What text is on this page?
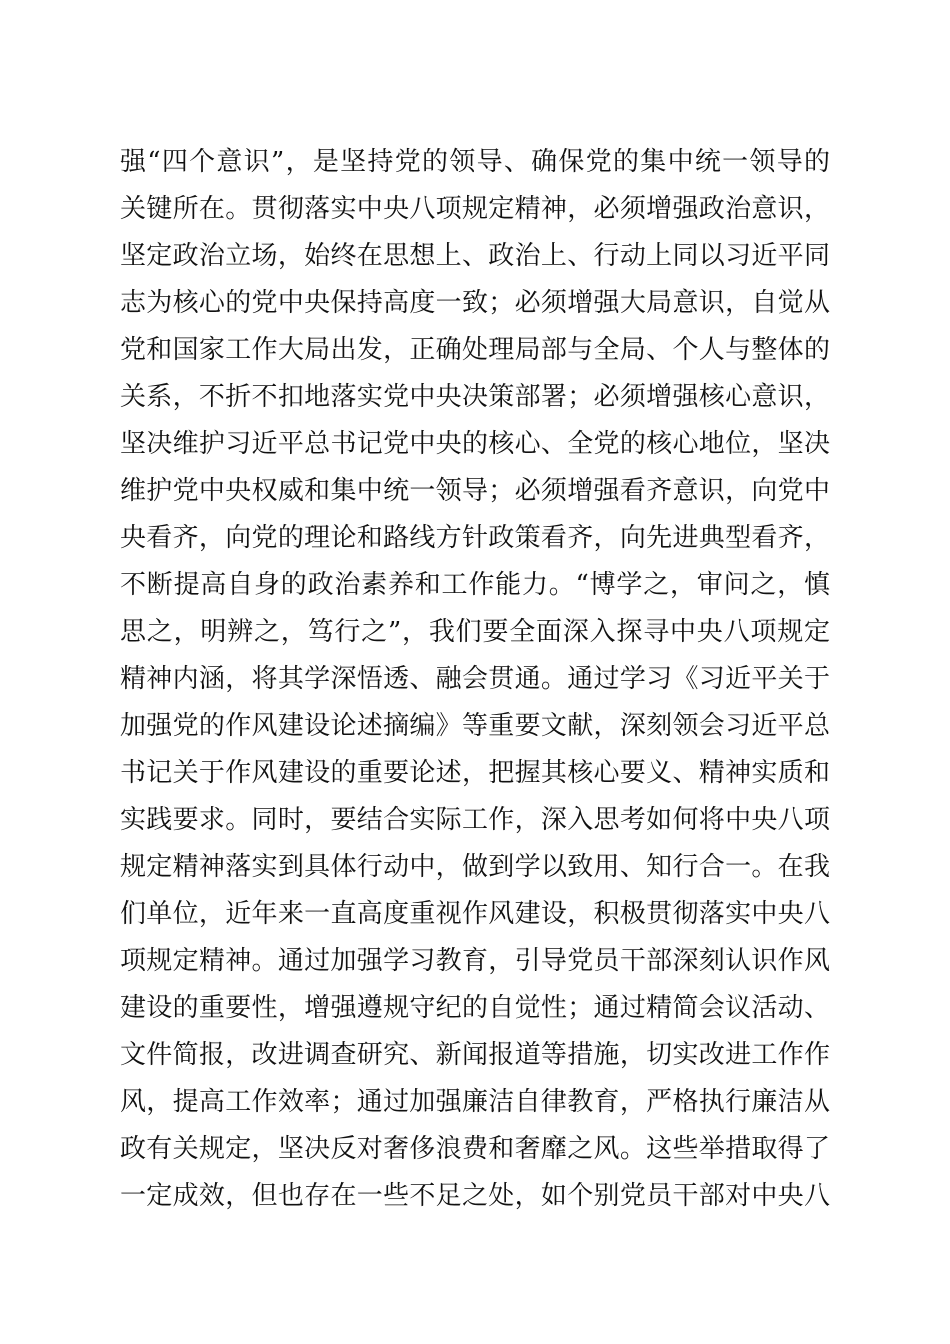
强“四个意识”，是坚持党的领导、确保党的集中统一领导的
关键所在。贯彻落实中央八项规定精神，必须增强政治意识，
坚定政治立场，始终在思想上、政治上、行动上同以习近平同
志为核心的党中央保持高度一致；必须增强大局意识，自觉从
党和国家工作大局出发，正确处理局部与全局、个人与整体的
关系，不折不扣地落实党中央决策部署；必须增强核心意识，
坚决维护习近平总书记党中央的核心、全党的核心地位，坚决
维护党中央权威和集中统一领导；必须增强看齐意识，向党中
央看齐，向党的理论和路线方针政策看齐，向先进典型看齐，
不断提高自身的政治素养和工作能力。“博学之，审问之，慎
思之，明辨之，笃行之”，我们要全面深入探寻中央八项规定
精神内涵，将其学深悟透、融会贯通。通过学习《习近平关于
加强党的作风建设论述摘编》等重要文献，深刻领会习近平总
书记关于作风建设的重要论述，把握其核心要义、精神实质和
实践要求。同时，要结合实际工作，深入思考如何将中央八项
规定精神落实到具体行动中，做到学以致用、知行合一。在我
们单位，近年来一直高度重视作风建设，积极贯彻落实中央八
项规定精神。通过加强学习教育，引导党员干部深刻认识作风
建设的重要性，增强遵规守纪的自觉性；通过精简会议活动、
文件简报，改进调查研究、新闻报道等措施，切实改进工作作
风，提高工作效率；通过加强廉洁自律教育，严格执行廉洁从
政有关规定，坚决反对奢侈浪费和奢靡之风。这些举措取得了
一定成效，但也存在一些不足之处，如个别党员干部对中央八
